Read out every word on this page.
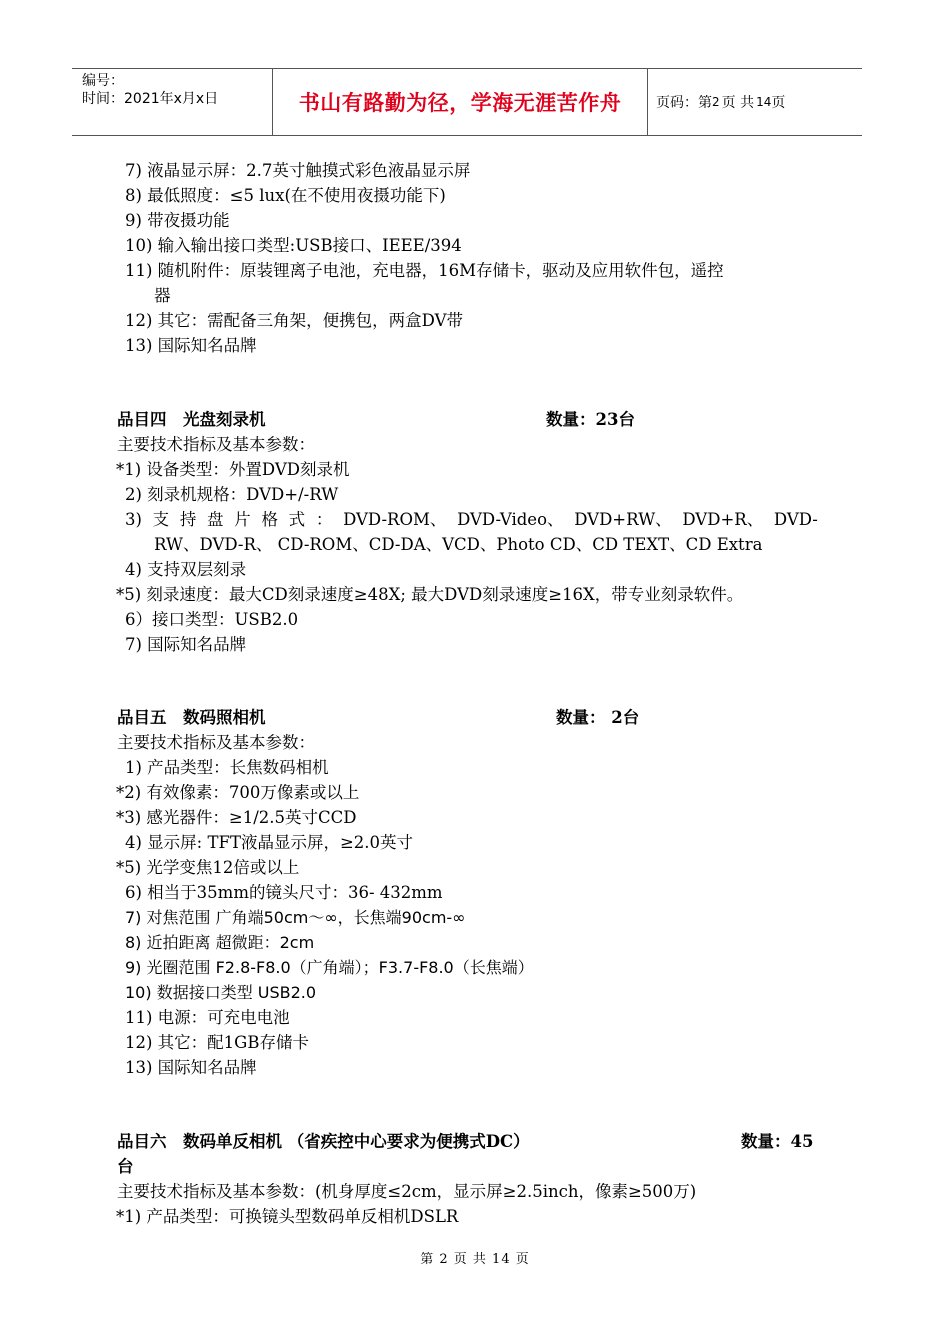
编号：
时间：2021年x月x日	书山有路勤为径，学海无涯苦作舟	页码：第 2 页 共 14 页
7) 液晶显示屏：2.7英寸触摸式彩色液晶显示屏
8) 最低照度：≤5 lux(在不使用夜摄功能下)
9) 带夜摄功能
10) 输入输出接口类型:USB接口、IEEE/394
11) 随机附件：原装锂离子电池，充电器，16M存储卡，驱动及应用软件包，遥控
器
12) 其它：需配备三角架，便携包，两盒DV带
13) 国际知名品牌
品目四　光盘刻录机	数量：23台
主要技术指标及基本参数：
*1) 设备类型：外置DVD刻录机
2) 刻录机规格：DVD+/-RW
3) 支 持 盘 片 格 式 ： DVD-ROM、 DVD-Video、 DVD+RW、 DVD+R、 DVD-
RW、DVD-R、 CD-ROM、CD-DA、VCD、Photo CD、CD TEXT、CD Extra
4) 支持双层刻录
*5) 刻录速度：最大CD刻录速度≥48X; 最大DVD刻录速度≥16X，带专业刻录软件。
6）接口类型：USB2.0
7) 国际知名品牌
品目五　数码照相机	数量： 2台
主要技术指标及基本参数：
1) 产品类型：长焦数码相机
*2) 有效像素：700万像素或以上
*3) 感光器件：≥1/2.5英寸CCD
4) 显示屏: TFT液晶显示屏，≥2.0英寸
*5) 光学变焦12倍或以上
6) 相当于35mm的镜头尺寸：36- 432mm
7) 对焦范围 广角端50cm～∞，长焦端90cm-∞
8) 近拍距离 超微距：2cm
9) 光圈范围 F2.8-F8.0（广角端）；F3.7-F8.0（长焦端）
10) 数据接口类型 USB2.0
11) 电源：可充电电池
12) 其它：配1GB存储卡
13) 国际知名品牌
品目六　数码单反相机 （省疾控中心要求为便携式DC）	数量：45
台
主要技术指标及基本参数：(机身厚度≤2cm，显示屏≥2.5inch，像素≥500万)
*1) 产品类型：可换镜头型数码单反相机DSLR
第 2 页 共 14 页
